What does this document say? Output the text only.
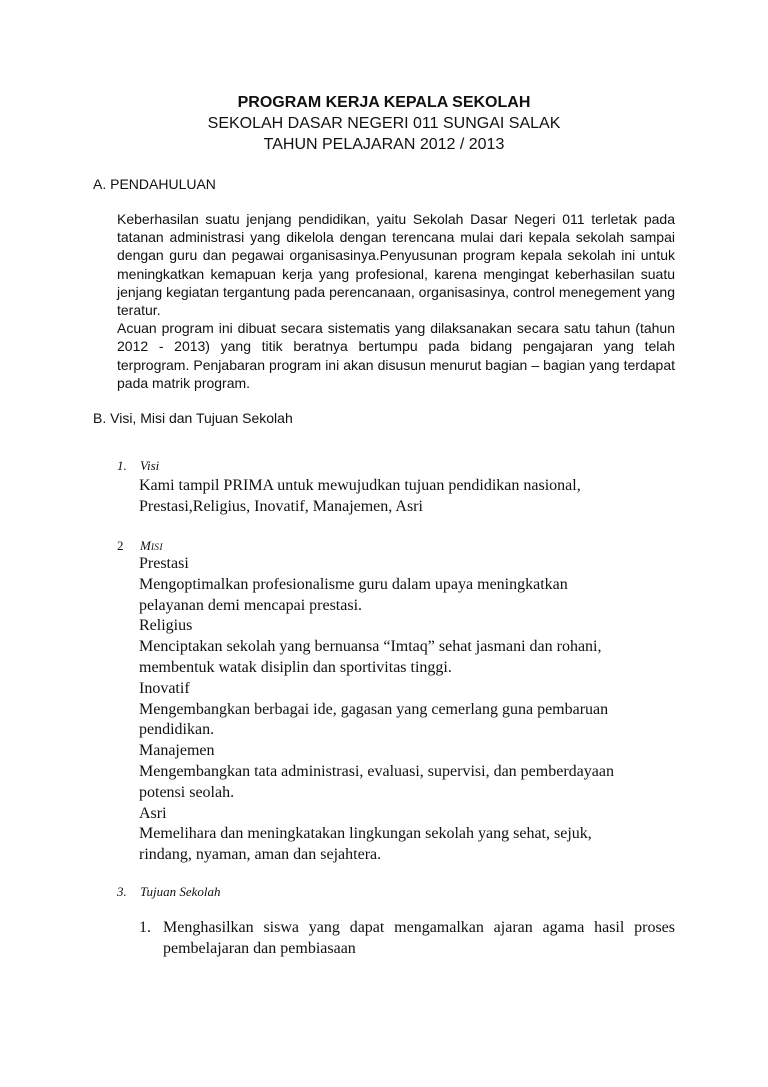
PROGRAM KERJA KEPALA SEKOLAH
SEKOLAH DASAR NEGERI 011 SUNGAI SALAK
TAHUN PELAJARAN 2012 / 2013
A. PENDAHULUAN

Keberhasilan suatu jenjang pendidikan, yaitu Sekolah Dasar Negeri 011 terletak pada tatanan administrasi yang dikelola dengan terencana mulai dari kepala sekolah sampai dengan guru dan pegawai organisasinya.Penyusunan program kepala sekolah ini untuk meningkatkan kemapuan kerja yang profesional, karena mengingat keberhasilan suatu jenjang kegiatan tergantung pada perencanaan, organisasinya, control menegement yang teratur.

Acuan program ini dibuat secara sistematis yang dilaksanakan secara satu tahun (tahun 2012 - 2013) yang titik beratnya bertumpu pada bidang pengajaran yang telah terprogram. Penjabaran program ini akan disusun menurut bagian – bagian yang terdapat pada matrik program.

B. Visi, Misi dan Tujuan Sekolah
1. Visi
Kami tampil PRIMA untuk mewujudkan tujuan pendidikan nasional,
Prestasi,Religius, Inovatif, Manajemen, Asri
2 MISI
Prestasi
Mengoptimalkan profesionalisme guru dalam upaya meningkatkan
pelayanan demi mencapai prestasi.
Religius
Menciptakan sekolah yang bernuansa “Imtaq” sehat jasmani dan rohani,
membentuk watak disiplin dan sportivitas tinggi.
Inovatif
Mengembangkan berbagai ide, gagasan yang cemerlang guna pembaruan
pendidikan.
Manajemen
Mengembangkan tata administrasi, evaluasi, supervisi, dan pemberdayaan
potensi seolah.
Asri
Memelihara dan meningkatakan lingkungan sekolah yang sehat, sejuk,
rindang, nyaman, aman dan sejahtera.
3. Tujuan Sekolah
1. Menghasilkan siswa yang dapat mengamalkan ajaran agama hasil proses pembelajaran dan pembiasaan
